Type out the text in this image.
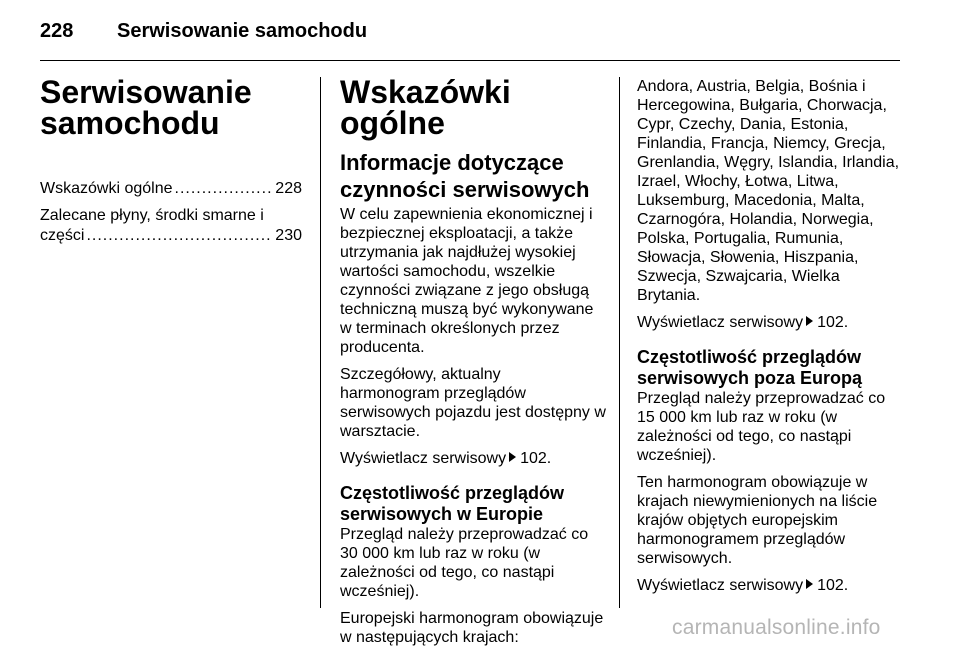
228 Serwisowanie samochodu
Serwisowanie
samochodu
Wskazówki ogólne .....	228
Zalecane płyny, środki smarne i
części .....	230
Wskazówki ogólne
Informacje dotyczące
czynności serwisowych

W celu zapewnienia ekonomicznej i
bezpiecznej eksploatacji, a także
utrzymania jak najdłużej wysokiej
wartości samochodu, wszelkie
czynności związane z jego obsługą
techniczną muszą być wykonywane
w terminach określonych przez
producenta.

Szczegółowy, aktualny
harmonogram przeglądów
serwisowych pojazdu jest dostępny w
warsztacie.

Wyświetlacz serwisowy 102.

Częstotliwość przeglądów
serwisowych w Europie

Przegląd należy przeprowadzać co
30 000 km lub raz w roku (w
zależności od tego, co nastąpi
wcześniej).

Europejski harmonogram obowiązuje
w następujących krajach:

Andora, Austria, Belgia, Bośnia i
Hercegowina, Bułgaria, Chorwacja,
Cypr, Czechy, Dania, Estonia,
Finlandia, Francja, Niemcy, Grecja,
Grenlandia, Węgry, Islandia, Irlandia,
Izrael, Włochy, Łotwa, Litwa,
Luksemburg, Macedonia, Malta,
Czarnogóra, Holandia, Norwegia,
Polska, Portugalia, Rumunia,
Słowacja, Słowenia, Hiszpania,
Szwecja, Szwajcaria, Wielka
Brytania.

Wyświetlacz serwisowy 102.

Częstotliwość przeglądów
serwisowych poza Europą

Przegląd należy przeprowadzać co
15 000 km lub raz w roku (w
zależności od tego, co nastąpi
wcześniej).

Ten harmonogram obowiązuje w
krajach niewymienionych na liście
krajów objętych europejskim
harmonogramem przeglądów
serwisowych.

Wyświetlacz serwisowy 102.

carmanualsonline.info
